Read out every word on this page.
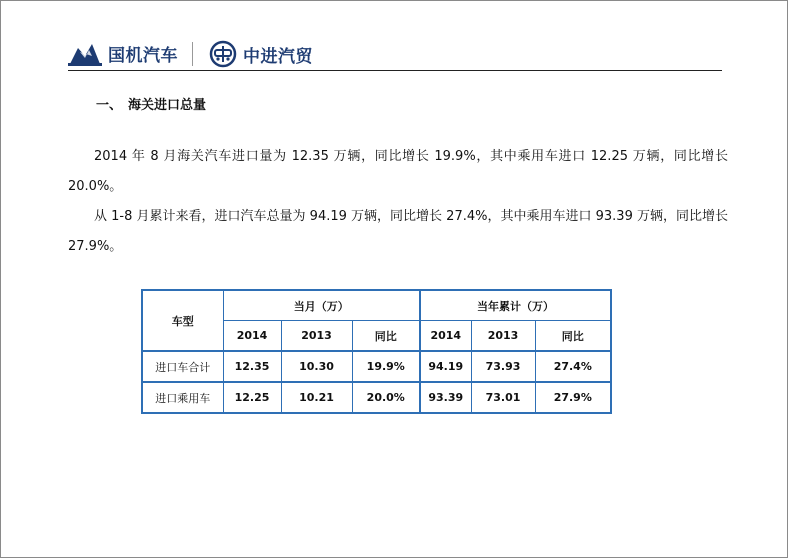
国机汽车	中进汽贸
一、 海关进口总量

2014 年 8 月海关汽车进口量为 12.35 万辆，同比增长 19.9%，其中乘用车进口 12.25 万辆，同比增长 20.0%。

从 1-8 月累计来看，进口汽车总量为 94.19 万辆，同比增长 27.4%，其中乘用车进口 93.39 万辆，同比增长 27.9%。

车型	当月（万）			当年累计（万）		
	2014	2013	同比	2014	2013	同比
进口车合计	12.35	10.30	19.9%	94.19	73.93	27.4%
进口乘用车	12.25	10.21	20.0%	93.39	73.01	27.9%
